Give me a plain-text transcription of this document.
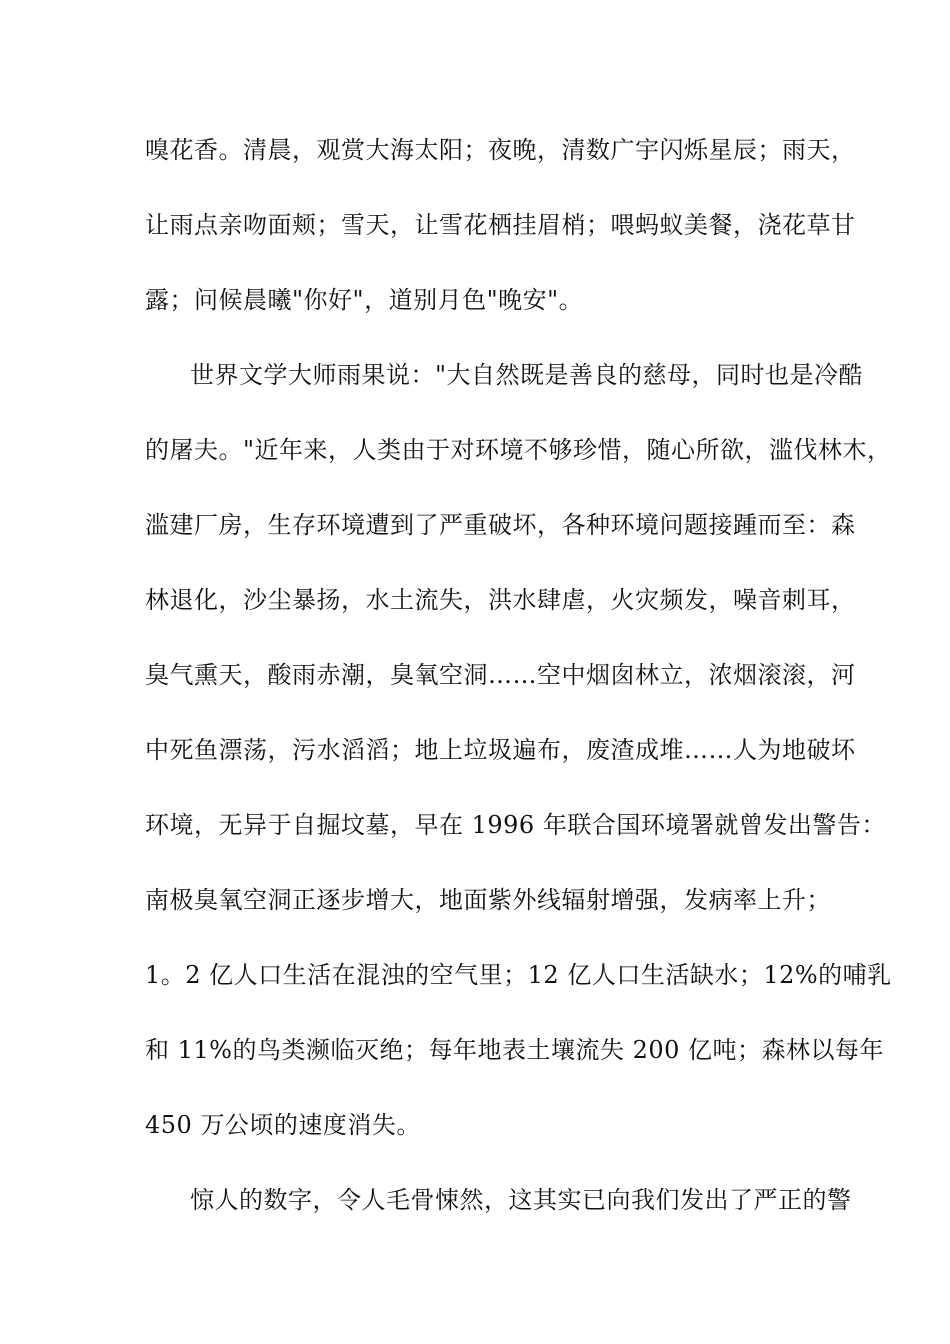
嗅花香。清晨，观赏大海太阳；夜晚，清数广宇闪烁星辰；雨天，
让雨点亲吻面颊；雪天，让雪花栖挂眉梢；喂蚂蚁美餐，浇花草甘
露；问候晨曦"你好"，道别月色"晚安"。
世界文学大师雨果说："大自然既是善良的慈母，同时也是冷酷
的屠夫。"近年来，人类由于对环境不够珍惜，随心所欲，滥伐林木，
滥建厂房，生存环境遭到了严重破坏，各种环境问题接踵而至：森
林退化，沙尘暴扬，水土流失，洪水肆虐，火灾频发，噪音刺耳，
臭气熏天，酸雨赤潮，臭氧空洞……空中烟囱林立，浓烟滚滚，河
中死鱼漂荡，污水滔滔；地上垃圾遍布，废渣成堆……人为地破坏
环境，无异于自掘坟墓，早在 1996 年联合国环境署就曾发出警告：
南极臭氧空洞正逐步增大，地面紫外线辐射增强，发病率上升；
1。2 亿人口生活在混浊的空气里；12 亿人口生活缺水；12%的哺乳
和 11%的鸟类濒临灭绝；每年地表土壤流失 200 亿吨；森林以每年
450 万公顷的速度消失。
惊人的数字，令人毛骨悚然，这其实已向我们发出了严正的警
